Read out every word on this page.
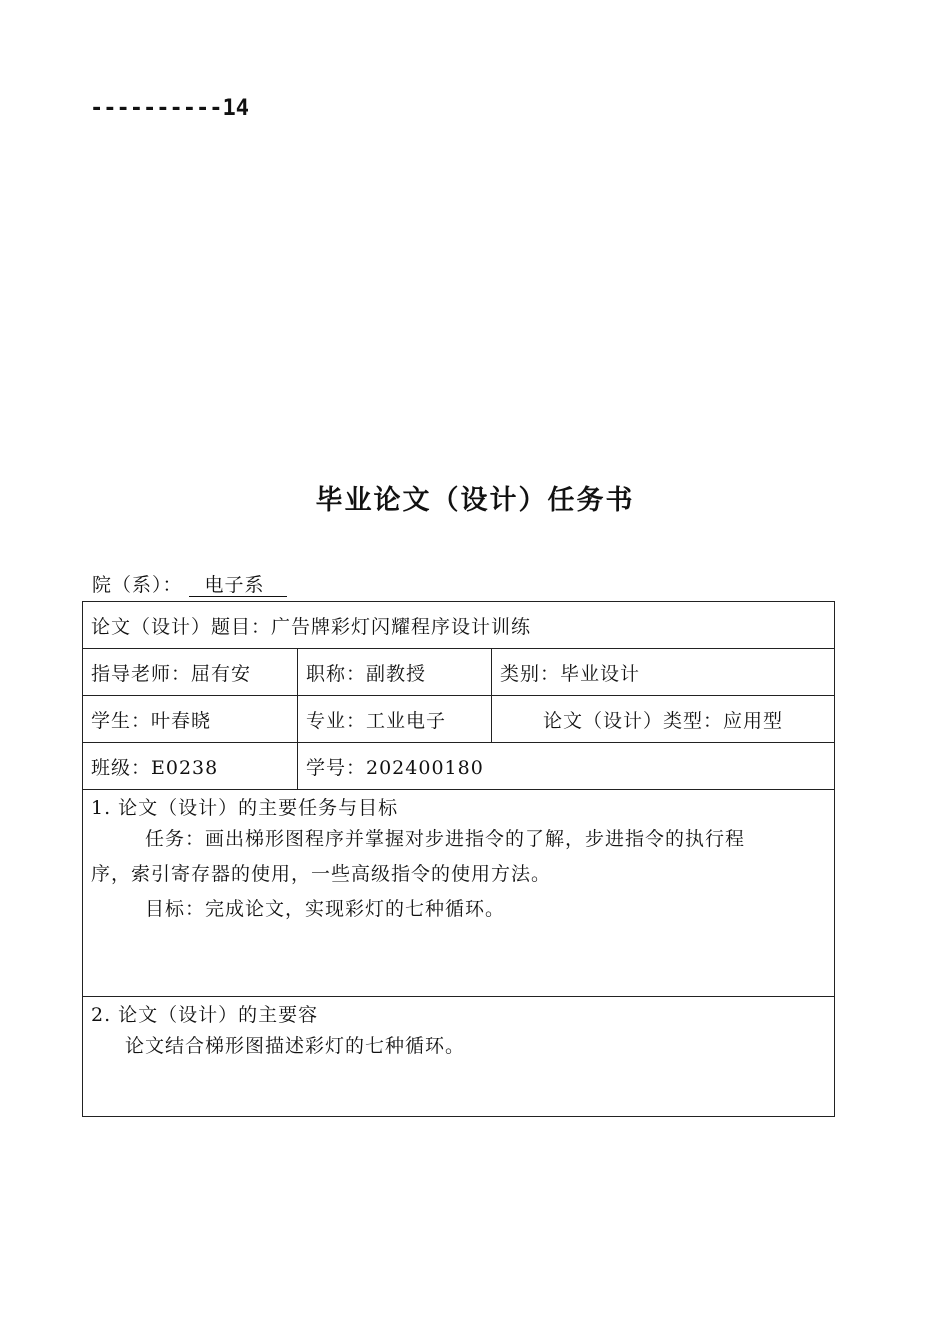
----------14
毕业论文（设计）任务书
院（系）： 电子系
论文（设计）题目：广告牌彩灯闪耀程序设计训练		
指导老师：屈有安	职称：副教授	类别：毕业设计
学生：叶春晓	专业：工业电子	论文（设计）类型：应用型
班级：E0238	学号：202400180	

1. 论文（设计）的主要任务与目标
任务：画出梯形图程序并掌握对步进指令的了解，步进指令的执行程
序，索引寄存器的使用，一些高级指令的使用方法。
目标：完成论文，实现彩灯的七种循环。		

2. 论文（设计）的主要容
论文结合梯形图描述彩灯的七种循环。		
